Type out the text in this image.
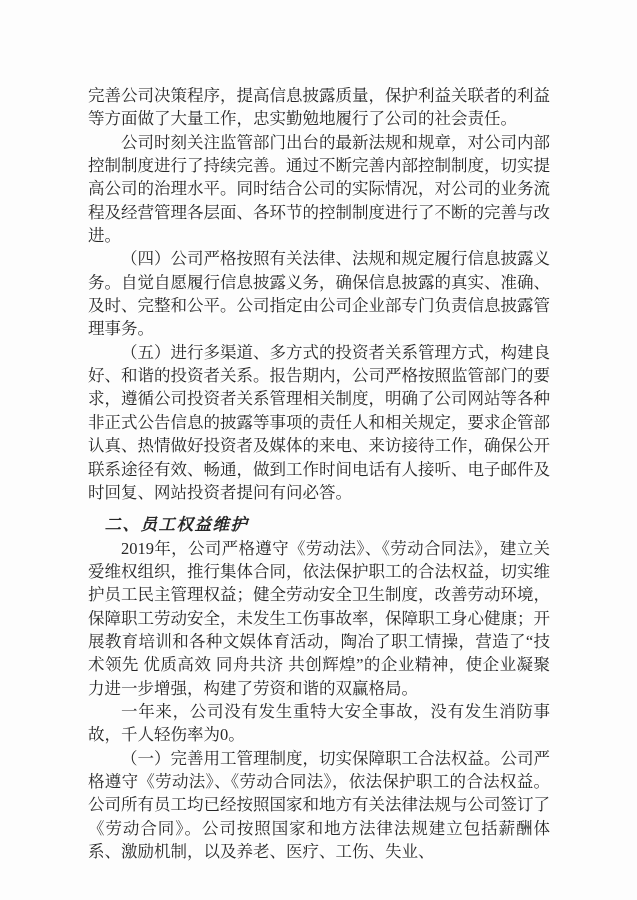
完善公司决策程序，提高信息披露质量，保护利益关联者的利益等方面做了大量工作，忠实勤勉地履行了公司的社会责任。

公司时刻关注监管部门出台的最新法规和规章，对公司内部控制制度进行了持续完善。通过不断完善内部控制制度，切实提高公司的治理水平。同时结合公司的实际情况，对公司的业务流程及经营管理各层面、各环节的控制制度进行了不断的完善与改进。

（四）公司严格按照有关法律、法规和规定履行信息披露义务。自觉自愿履行信息披露义务，确保信息披露的真实、准确、及时、完整和公平。公司指定由公司企业部专门负责信息披露管理事务。

（五）进行多渠道、多方式的投资者关系管理方式，构建良好、和谐的投资者关系。报告期内，公司严格按照监管部门的要求，遵循公司投资者关系管理相关制度，明确了公司网站等各种非正式公告信息的披露等事项的责任人和相关规定，要求企管部认真、热情做好投资者及媒体的来电、来访接待工作，确保公开联系途径有效、畅通，做到工作时间电话有人接听、电子邮件及时回复、网站投资者提问有问必答。

二、员工权益维护

2019年，公司严格遵守《劳动法》、《劳动合同法》，建立关爱维权组织，推行集体合同，依法保护职工的合法权益，切实维护员工民主管理权益；健全劳动安全卫生制度，改善劳动环境，保障职工劳动安全，未发生工伤事故率，保障职工身心健康；开展教育培训和各种文娱体育活动，陶冶了职工情操，营造了“技术领先 优质高效 同舟共济 共创辉煌”的企业精神，使企业凝聚力进一步增强，构建了劳资和谐的双赢格局。

一年来，公司没有发生重特大安全事故，没有发生消防事故，千人轻伤率为0。

（一）完善用工管理制度，切实保障职工合法权益。公司严格遵守《劳动法》、《劳动合同法》，依法保护职工的合法权益。公司所有员工均已经按照国家和地方有关法律法规与公司签订了《劳动合同》。公司按照国家和地方法律法规建立包括薪酬体系、激励机制，以及养老、医疗、工伤、失业、
